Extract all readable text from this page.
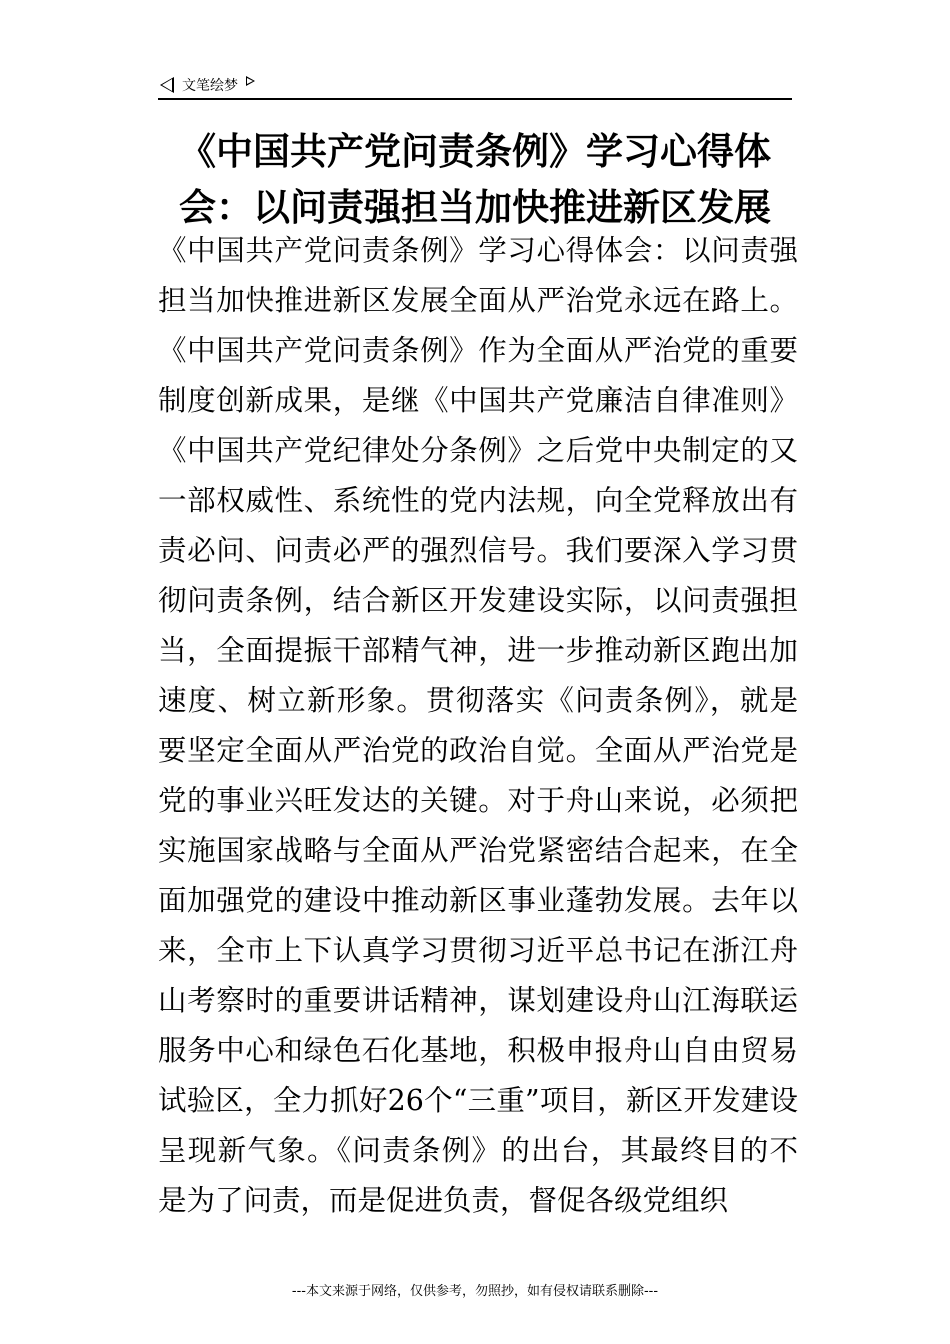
文笔绘梦
《中国共产党问责条例》学习心得体会：以问责强担当加快推进新区发展

《中国共产党问责条例》学习心得体会：以问责强担当加快推进新区发展全面从严治党永远在路上。《中国共产党问责条例》作为全面从严治党的重要制度创新成果，是继《中国共产党廉洁自律准则》《中国共产党纪律处分条例》之后党中央制定的又一部权威性、系统性的党内法规，向全党释放出有责必问、问责必严的强烈信号。我们要深入学习贯彻问责条例，结合新区开发建设实际，以问责强担当，全面提振干部精气神，进一步推动新区跑出加速度、树立新形象。贯彻落实《问责条例》，就是要坚定全面从严治党的政治自觉。全面从严治党是党的事业兴旺发达的关键。对于舟山来说，必须把实施国家战略与全面从严治党紧密结合起来，在全面加强党的建设中推动新区事业蓬勃发展。去年以来，全市上下认真学习贯彻习近平总书记在浙江舟山考察时的重要讲话精神，谋划建设舟山江海联运服务中心和绿色石化基地，积极申报舟山自由贸易试验区，全力抓好26个“三重”项目，新区开发建设呈现新气象。《问责条例》的出台，其最终目的不是为了问责，而是促进负责，督促各级党组织

---本文来源于网络，仅供参考，勿照抄，如有侵权请联系删除---
